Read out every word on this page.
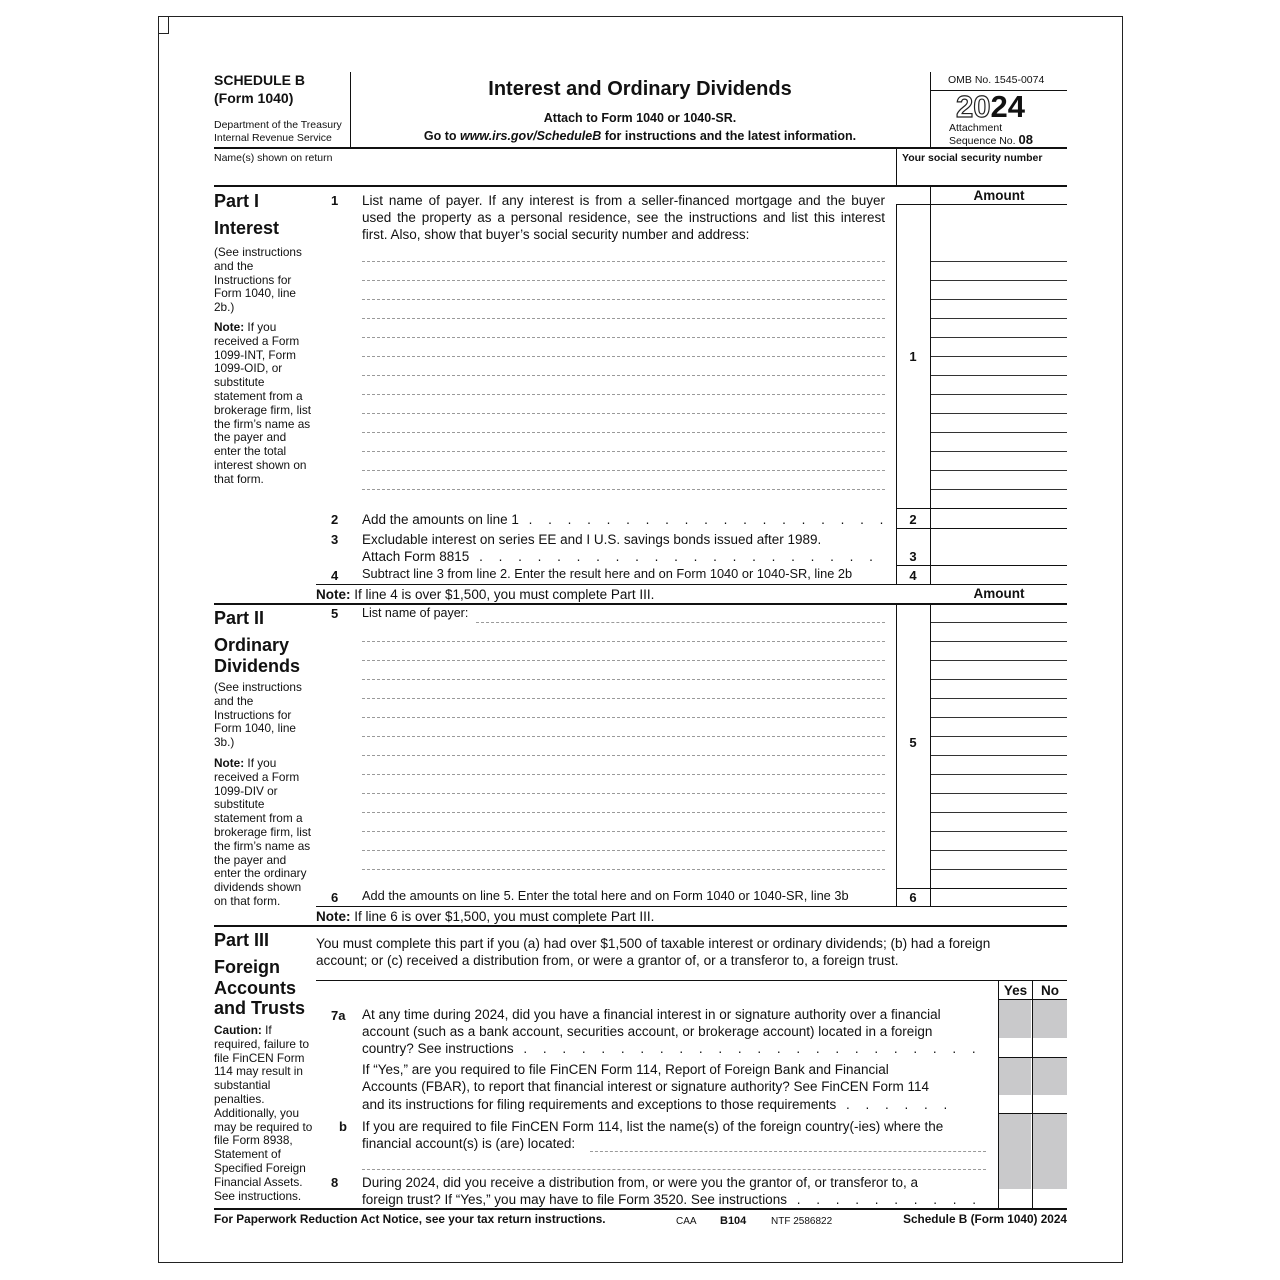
SCHEDULE B
(Form 1040)
Department of the Treasury
Internal Revenue Service
Interest and Ordinary Dividends
Attach to Form 1040 or 1040-SR.
Go to www.irs.gov/ScheduleB for instructions and the latest information.
OMB No. 1545-0074
2024
Attachment
Sequence No. 08
Name(s) shown on return	Your social security number
Part I
Interest
(See instructions and the Instructions for Form 1040, line 2b.)
Note: If you received a Form 1099-INT, Form 1099-OID, or substitute statement from a brokerage firm, list the firm’s name as the payer and enter the total interest shown on that form.
Amount
1 List name of payer. If any interest is from a seller-financed mortgage and the buyer used the property as a personal residence, see the instructions and list this interest first. Also, show that buyer’s social security number and address:
1
2 Add the amounts on line 1 . . . . . . . . . . . . . . . . . . .	2
3 Excludable interest on series EE and I U.S. savings bonds issued after 1989.
Attach Form 8815 . . . . . . . . . . . . . . . . . . . . .	3
4 Subtract line 3 from line 2. Enter the result here and on Form 1040 or 1040-SR, line 2b	4
Note: If line 4 is over $1,500, you must complete Part III.	Amount
Part II
Ordinary
Dividends
(See instructions and the Instructions for Form 1040, line 3b.)
Note: If you received a Form 1099-DIV or substitute statement from a brokerage firm, list the firm’s name as the payer and enter the ordinary dividends shown on that form.
5 List name of payer:
5
6 Add the amounts on line 5. Enter the total here and on Form 1040 or 1040-SR, line 3b	6
Note: If line 6 is over $1,500, you must complete Part III.
Part III
Foreign
Accounts
and Trusts
Caution: If required, failure to file FinCEN Form 114 may result in substantial penalties. Additionally, you may be required to file Form 8938, Statement of Specified Foreign Financial Assets. See instructions.
You must complete this part if you (a) had over $1,500 of taxable interest or ordinary dividends; (b) had a foreign
account; or (c) received a distribution from, or were a grantor of, or a transferor to, a foreign trust.
Yes	No
7a At any time during 2024, did you have a financial interest in or signature authority over a financial
account (such as a bank account, securities account, or brokerage account) located in a foreign
country? See instructions . . . . . . . . . . . . . . . . . . . . . . . .
If “Yes,” are you required to file FinCEN Form 114, Report of Foreign Bank and Financial
Accounts (FBAR), to report that financial interest or signature authority? See FinCEN Form 114
and its instructions for filing requirements and exceptions to those requirements . . . . . .
b If you are required to file FinCEN Form 114, list the name(s) of the foreign country(-ies) where the
financial account(s) is (are) located:
8 During 2024, did you receive a distribution from, or were you the grantor of, or transferor to, a
foreign trust? If “Yes,” you may have to file Form 3520. See instructions . . . . . . . . . .
For Paperwork Reduction Act Notice, see your tax return instructions.	CAA B104 NTF 2586822	Schedule B (Form 1040) 2024
